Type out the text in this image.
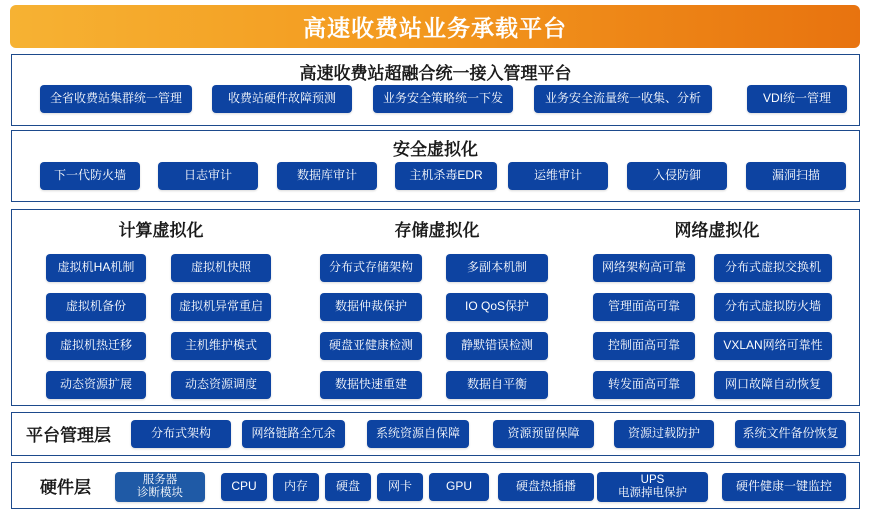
高速收费站业务承载平台
高速收费站超融合统一接入管理平台
全省收费站集群统一管理	收费站硬件故障预测	业务安全策略统一下发	业务安全流量统一收集、分析	VDI统一管理
安全虚拟化
下一代防火墙	日志审计	数据库审计	主机杀毒EDR	运维审计	入侵防御	漏洞扫描
计算虚拟化
虚拟机HA机制	虚拟机快照
虚拟机备份	虚拟机异常重启
虚拟机热迁移	主机维护模式
动态资源扩展	动态资源调度
存储虚拟化
分布式存储架构	多副本机制
数据仲裁保护	IO QoS保护
硬盘亚健康检测	静默错误检测
数据快速重建	数据自平衡
网络虚拟化
网络架构高可靠	分布式虚拟交换机
管理面高可靠	分布式虚拟防火墙
控制面高可靠	VXLAN网络可靠性
转发面高可靠	网口故障自动恢复
平台管理层	分布式架构	网络链路全冗余	系统资源自保障	资源预留保障	资源过载防护	系统文件备份恢复
硬件层	服务器
诊断模块	CPU	内存	硬盘	网卡	GPU	硬盘热插播	UPS
电源掉电保护	硬件健康一键监控
